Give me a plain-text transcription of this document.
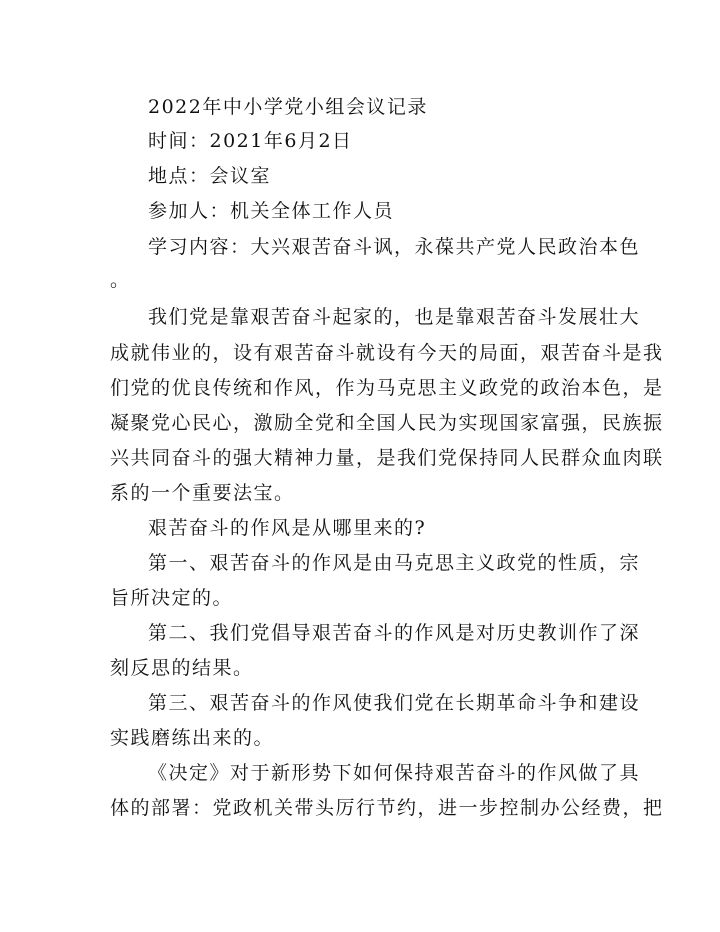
2022年中小学党小组会议记录
时间：2021年6月2日
地点：会议室
参加人：机关全体工作人员
学习内容：大兴艰苦奋斗讽，永葆共产党人民政治本色
。
我们党是靠艰苦奋斗起家的，也是靠艰苦奋斗发展壮大
成就伟业的，设有艰苦奋斗就设有今天的局面，艰苦奋斗是我
们党的优良传统和作风，作为马克思主义政党的政治本色，是
凝聚党心民心，激励全党和全国人民为实现国家富强，民族振
兴共同奋斗的强大精神力量，是我们党保持同人民群众血肉联
系的一个重要法宝。
艰苦奋斗的作风是从哪里来的?
第一、艰苦奋斗的作风是由马克思主义政党的性质，宗
旨所决定的。
第二、我们党倡导艰苦奋斗的作风是对历史教训作了深
刻反思的结果。
第三、艰苦奋斗的作风使我们党在长期革命斗争和建设
实践磨练出来的。
《决定》对于新形势下如何保持艰苦奋斗的作风做了具
体的部署：党政机关带头厉行节约，进一步控制办公经费，把
